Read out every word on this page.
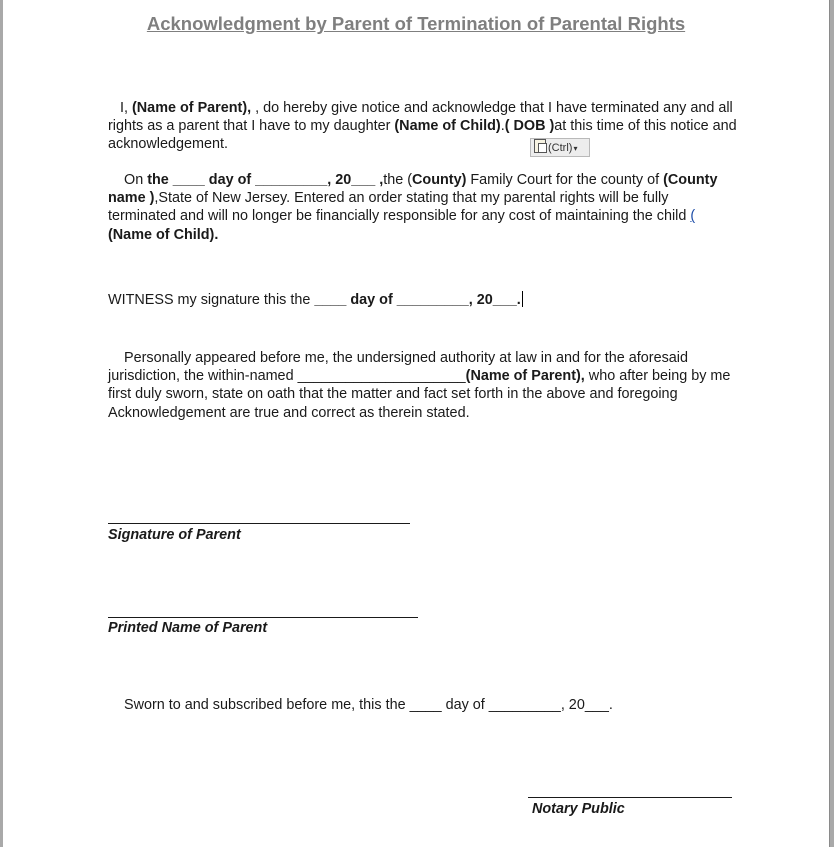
Acknowledgment by Parent of Termination of Parental Rights
I, (Name of Parent), , do hereby give notice and acknowledge that I have terminated any and all rights as a parent that I have to my daughter (Name of Child).( DOB )at this time of this notice and acknowledgement.	(Ctrl)▾
On the ____ day of _________, 20___ ,the (County) Family Court for the county of (County name ),State of New Jersey. Entered an order stating that my parental rights will be fully terminated and will no longer be financially responsible for any cost of maintaining the child (
(Name of Child).
WITNESS my signature this the ____ day of _________, 20___.
Personally appeared before me, the undersigned authority at law in and for the aforesaid jurisdiction, the within-named _____________________(Name of Parent), who after being by me first duly sworn, state on oath that the matter and fact set forth in the above and foregoing Acknowledgement are true and correct as therein stated.
Signature of Parent
Printed Name of Parent
Sworn to and subscribed before me, this the ____ day of _________, 20___.
Notary Public
